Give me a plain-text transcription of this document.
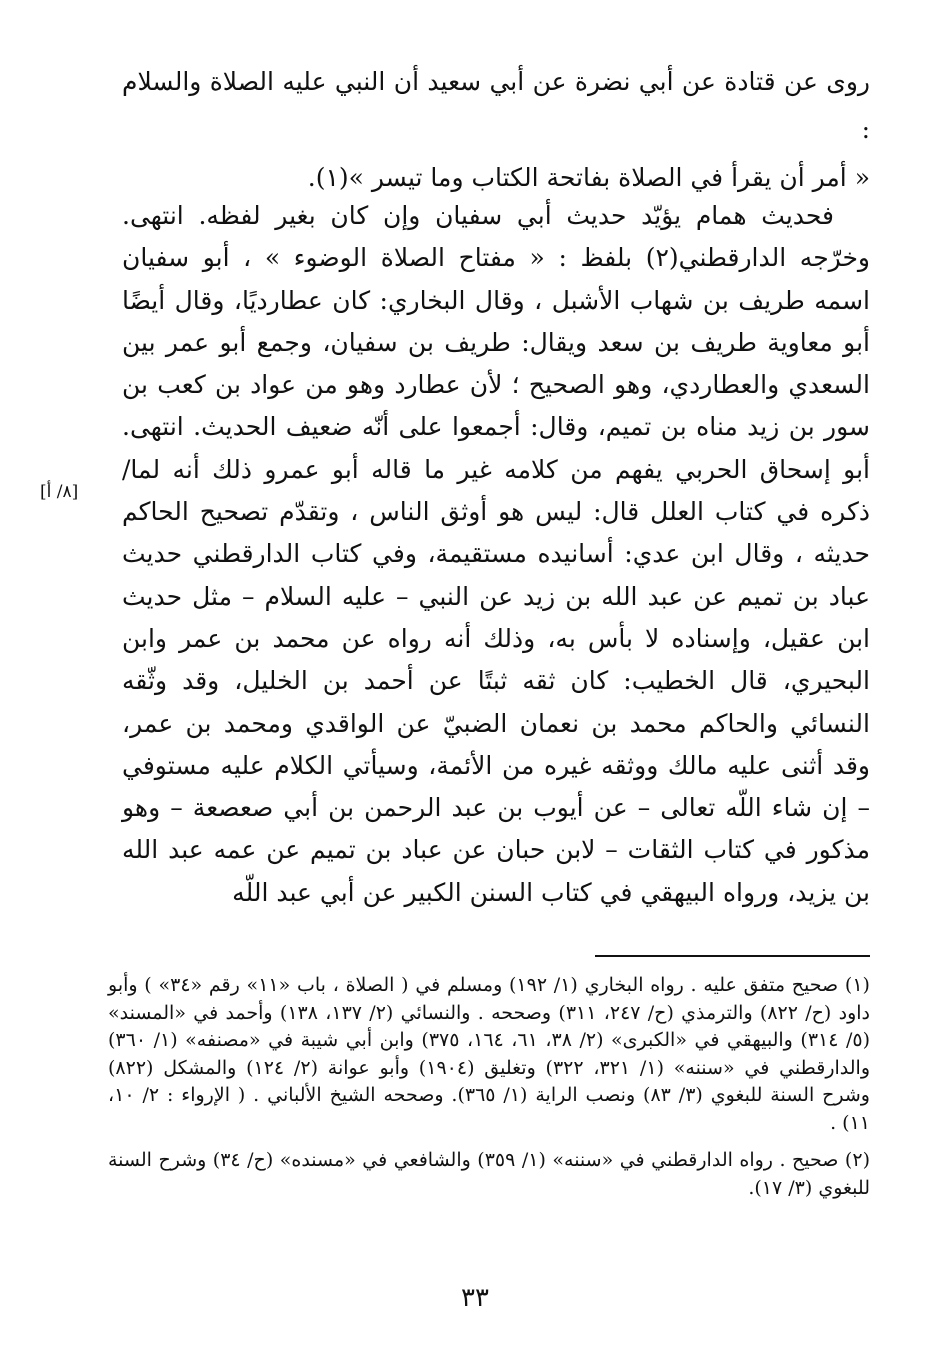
روى عن قتادة عن أبي نضرة عن أبي سعيد أن النبي عليه الصلاة والسلام :

« أمر أن يقرأ في الصلاة بفاتحة الكتاب وما تيسر »(١).

فحديث همام يؤيّد حديث أبي سفيان وإن كان بغير لفظه. انتهى. وخرّجه الدارقطني(٢) بلفظ : « مفتاح الصلاة الوضوء » ، أبو سفيان اسمه طريف بن شهاب الأشبل ، وقال البخاري: كان عطارديًا، وقال أيضًا أبو معاوية طريف بن سعد ويقال: طريف بن سفيان، وجمع أبو عمر بين السعدي والعطاردي، وهو الصحيح ؛ لأن عطارد وهو من عواد بن كعب بن سور بن زيد مناه بن تميم، وقال: أجمعوا على أنّه ضعيف الحديث. انتهى. أبو إسحاق الحربي يفهم من كلامه غير ما قاله أبو عمرو ذلك أنه لما/ ذكره في كتاب العلل قال: ليس هو أوثق الناس ، وتقدّم تصحيح الحاكم حديثه ، وقال ابن عدي: أسانيده مستقيمة، وفي كتاب الدارقطني حديث عباد بن تميم عن عبد الله بن زيد عن النبي – عليه السلام – مثل حديث ابن عقيل، وإسناده لا بأس به، وذلك أنه رواه عن محمد بن عمر وابن البحيري، قال الخطيب: كان ثقه ثبتًا عن أحمد بن الخليل، وقد وثّقه النسائي والحاكم محمد بن نعمان الضبيّ عن الواقدي ومحمد بن عمر، وقد أثنى عليه مالك ووثقه غيره من الأئمة، وسيأتي الكلام عليه مستوفي – إن شاء اللّه تعالى – عن أيوب بن عبد الرحمن بن أبي صعصعة – وهو مذكور في كتاب الثقات – لابن حبان عن عباد بن تميم عن عمه عبد الله بن يزيد، ورواه البيهقي في كتاب السنن الكبير عن أبي عبد اللّه

[٨/ أ]

(١) صحيح متفق عليه . رواه البخاري (١/ ١٩٢) ومسلم في ( الصلاة ، باب «١١» رقم «٣٤» ) وأبو داود (ح/ ٨٢٢) والترمذي (ح/ ٢٤٧، ٣١١) وصححه . والنسائي (٢/ ١٣٧، ١٣٨) وأحمد في «المسند» (٥/ ٣١٤) والبيهقي في «الكبرى» (٢/ ٣٨، ٦١، ١٦٤، ٣٧٥) وابن أبي شيبة في «مصنفه» (١/ ٣٦٠) والدارقطني في «سننه» (١/ ٣٢١، ٣٢٢) وتغليق (١٩٠٤) وأبو عوانة (٢/ ١٢٤) والمشكل (٨٢٢) وشرح السنة للبغوي (٣/ ٨٣) ونصب الراية (١/ ٣٦٥). وصححه الشيخ الألباني . ( الإرواء : ٢/ ١٠، ١١) .

(٢) صحيح . رواه الدارقطني في «سننه» (١/ ٣٥٩) والشافعي في «مسنده» (ح/ ٣٤) وشرح السنة للبغوي (٣/ ١٧).

٣٣
